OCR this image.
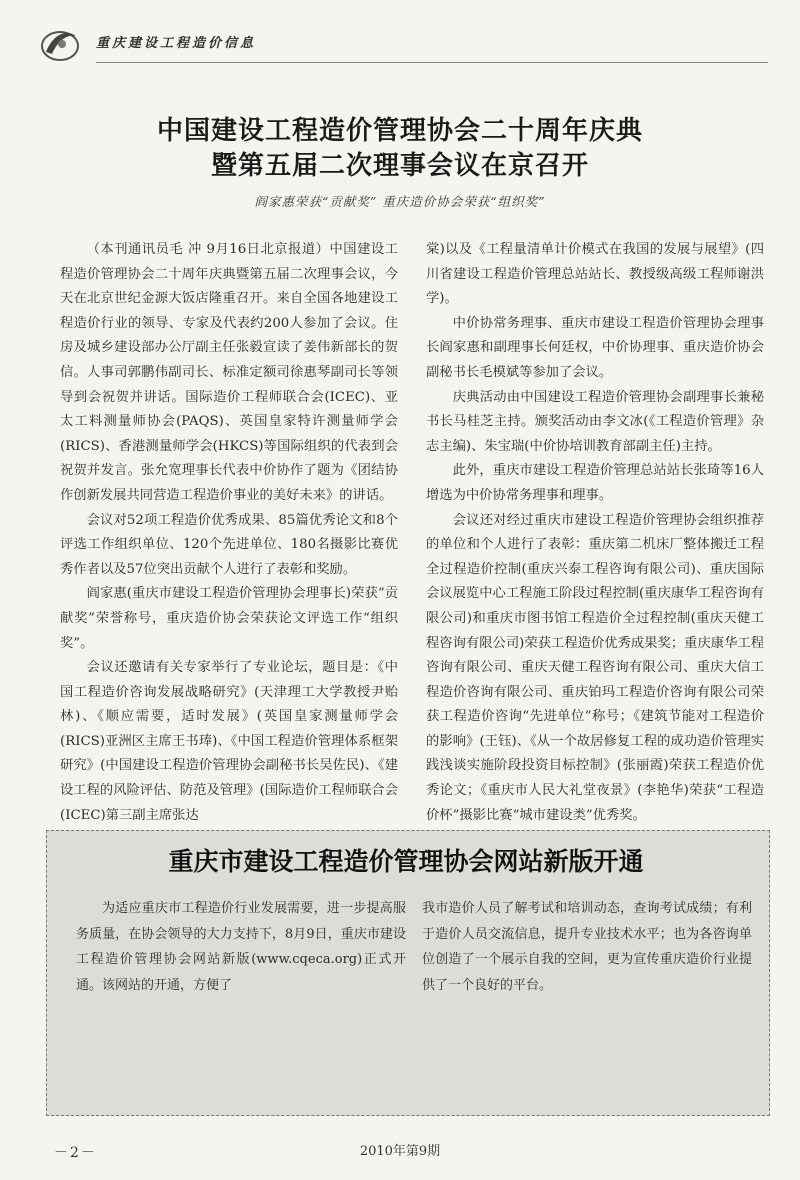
重庆建设工程造价信息
中国建设工程造价管理协会二十周年庆典
暨第五届二次理事会议在京召开
阎家惠荣获“贡献奖” 重庆造价协会荣获“组织奖”

（本刊通讯员毛 冲 9月16日北京报道）中国建设工程造价管理协会二十周年庆典暨第五届二次理事会议，今天在北京世纪金源大饭店隆重召开。来自全国各地建设工程造价行业的领导、专家及代表约200人参加了会议。住房及城乡建设部办公厅副主任张毅宣读了姜伟新部长的贺信。人事司郭鹏伟副司长、标准定额司徐惠琴副司长等领导到会祝贺并讲话。国际造价工程师联合会(ICEC)、亚太工料测量师协会(PAQS)、英国皇家特许测量师学会(RICS)、香港测量师学会(HKCS)等国际组织的代表到会祝贺并发言。张允宽理事长代表中价协作了题为《团结协作创新发展共同营造工程造价事业的美好未来》的讲话。

会议对52项工程造价优秀成果、85篇优秀论文和8个评选工作组织单位、120个先进单位、180名摄影比赛优秀作者以及57位突出贡献个人进行了表彰和奖励。

阎家惠(重庆市建设工程造价管理协会理事长)荣获“贡献奖”荣誉称号，重庆造价协会荣获论文评选工作“组织奖”。

会议还邀请有关专家举行了专业论坛，题目是：《中国工程造价咨询发展战略研究》(天津理工大学教授尹贻林)、《顺应需要，适时发展》(英国皇家测量师学会(RICS)亚洲区主席王书琫)、《中国工程造价管理体系框架研究》(中国建设工程造价管理协会副秘书长吴佐民)、《建设工程的风险评估、防范及管理》(国际造价工程师联合会(ICEC)第三副主席张达

棠)以及《工程量清单计价模式在我国的发展与展望》(四川省建设工程造价管理总站站长、教授级高级工程师谢洪学)。

中价协常务理事、重庆市建设工程造价管理协会理事长阎家惠和副理事长何廷权，中价协理事、重庆造价协会副秘书长毛模斌等参加了会议。

庆典活动由中国建设工程造价管理协会副理事长兼秘书长马桂芝主持。颁奖活动由李文冰(《工程造价管理》杂志主编)、朱宝瑞(中价协培训教育部副主任)主持。

此外，重庆市建设工程造价管理总站站长张琦等16人增选为中价协常务理事和理事。

会议还对经过重庆市建设工程造价管理协会组织推荐的单位和个人进行了表彰：重庆第二机床厂整体搬迁工程全过程造价控制(重庆兴泰工程咨询有限公司)、重庆国际会议展览中心工程施工阶段过程控制(重庆康华工程咨询有限公司)和重庆市图书馆工程造价全过程控制(重庆天健工程咨询有限公司)荣获工程造价优秀成果奖；重庆康华工程咨询有限公司、重庆天健工程咨询有限公司、重庆大信工程造价咨询有限公司、重庆铂玛工程造价咨询有限公司荣获工程造价咨询“先进单位”称号；《建筑节能对工程造价的影响》(王钰)、《从一个故居修复工程的成功造价管理实践浅谈实施阶段投资目标控制》(张丽霞)荣获工程造价优秀论文；《重庆市人民大礼堂夜景》(李艳华)荣获“工程造价杯”摄影比赛“城市建设类”优秀奖。

重庆市建设工程造价管理协会网站新版开通

为适应重庆市工程造价行业发展需要，进一步提高服务质量，在协会领导的大力支持下，8月9日，重庆市建设工程造价管理协会网站新版(www.cqeca.org)正式开通。该网站的开通，方便了

我市造价人员了解考试和培训动态，查询考试成绩；有利于造价人员交流信息，提升专业技术水平；也为各咨询单位创造了一个展示自我的空间，更为宣传重庆造价行业提供了一个良好的平台。

－2－	2010年第9期
